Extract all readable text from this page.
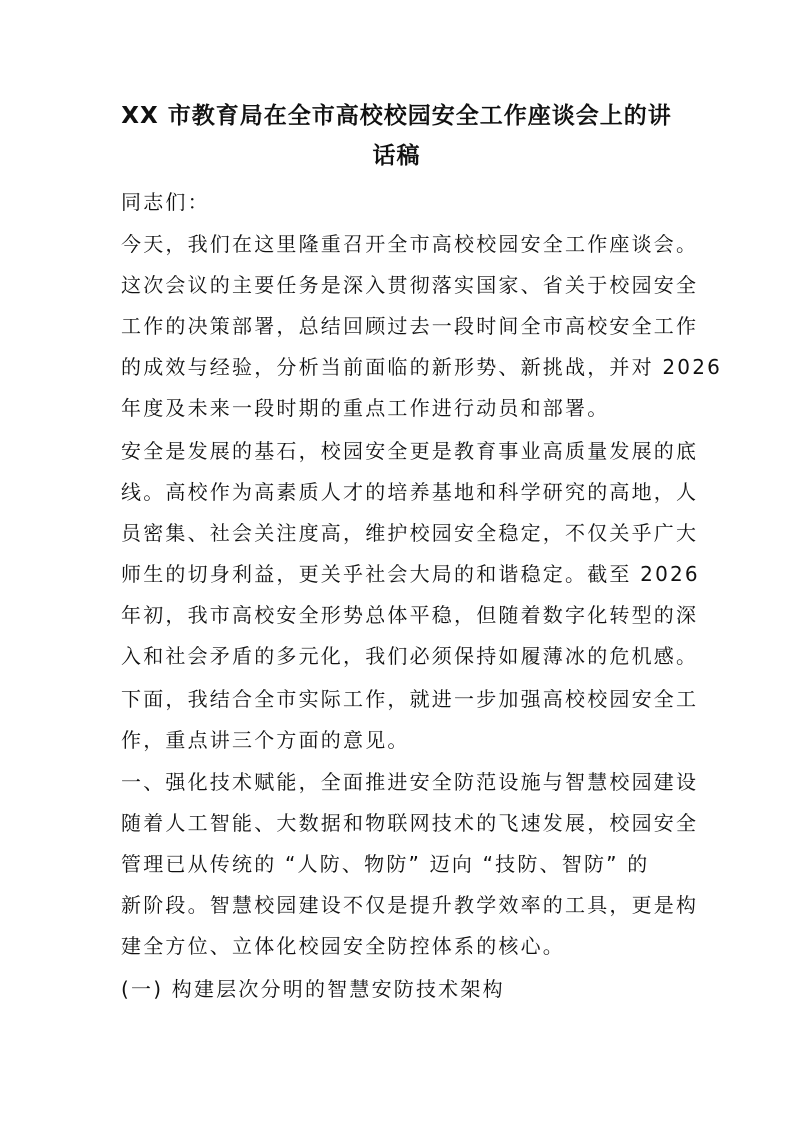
XX 市教育局在全市高校校园安全工作座谈会上的讲话稿
同志们：
今天，我们在这里隆重召开全市高校校园安全工作座谈会。
这次会议的主要任务是深入贯彻落实国家、省关于校园安全
工作的决策部署，总结回顾过去一段时间全市高校安全工作
的成效与经验，分析当前面临的新形势、新挑战，并对 2026
年度及未来一段时期的重点工作进行动员和部署。
安全是发展的基石，校园安全更是教育事业高质量发展的底
线。高校作为高素质人才的培养基地和科学研究的高地，人
员密集、社会关注度高，维护校园安全稳定，不仅关乎广大
师生的切身利益，更关乎社会大局的和谐稳定。截至 2026
年初，我市高校安全形势总体平稳，但随着数字化转型的深
入和社会矛盾的多元化，我们必须保持如履薄冰的危机感。
下面，我结合全市实际工作，就进一步加强高校校园安全工
作，重点讲三个方面的意见。
一、强化技术赋能，全面推进安全防范设施与智慧校园建设
随着人工智能、大数据和物联网技术的飞速发展，校园安全
管理已从传统的 “人防、物防” 迈向 “技防、智防” 的
新阶段。智慧校园建设不仅是提升教学效率的工具，更是构
建全方位、立体化校园安全防控体系的核心。
(一) 构建层次分明的智慧安防技术架构
